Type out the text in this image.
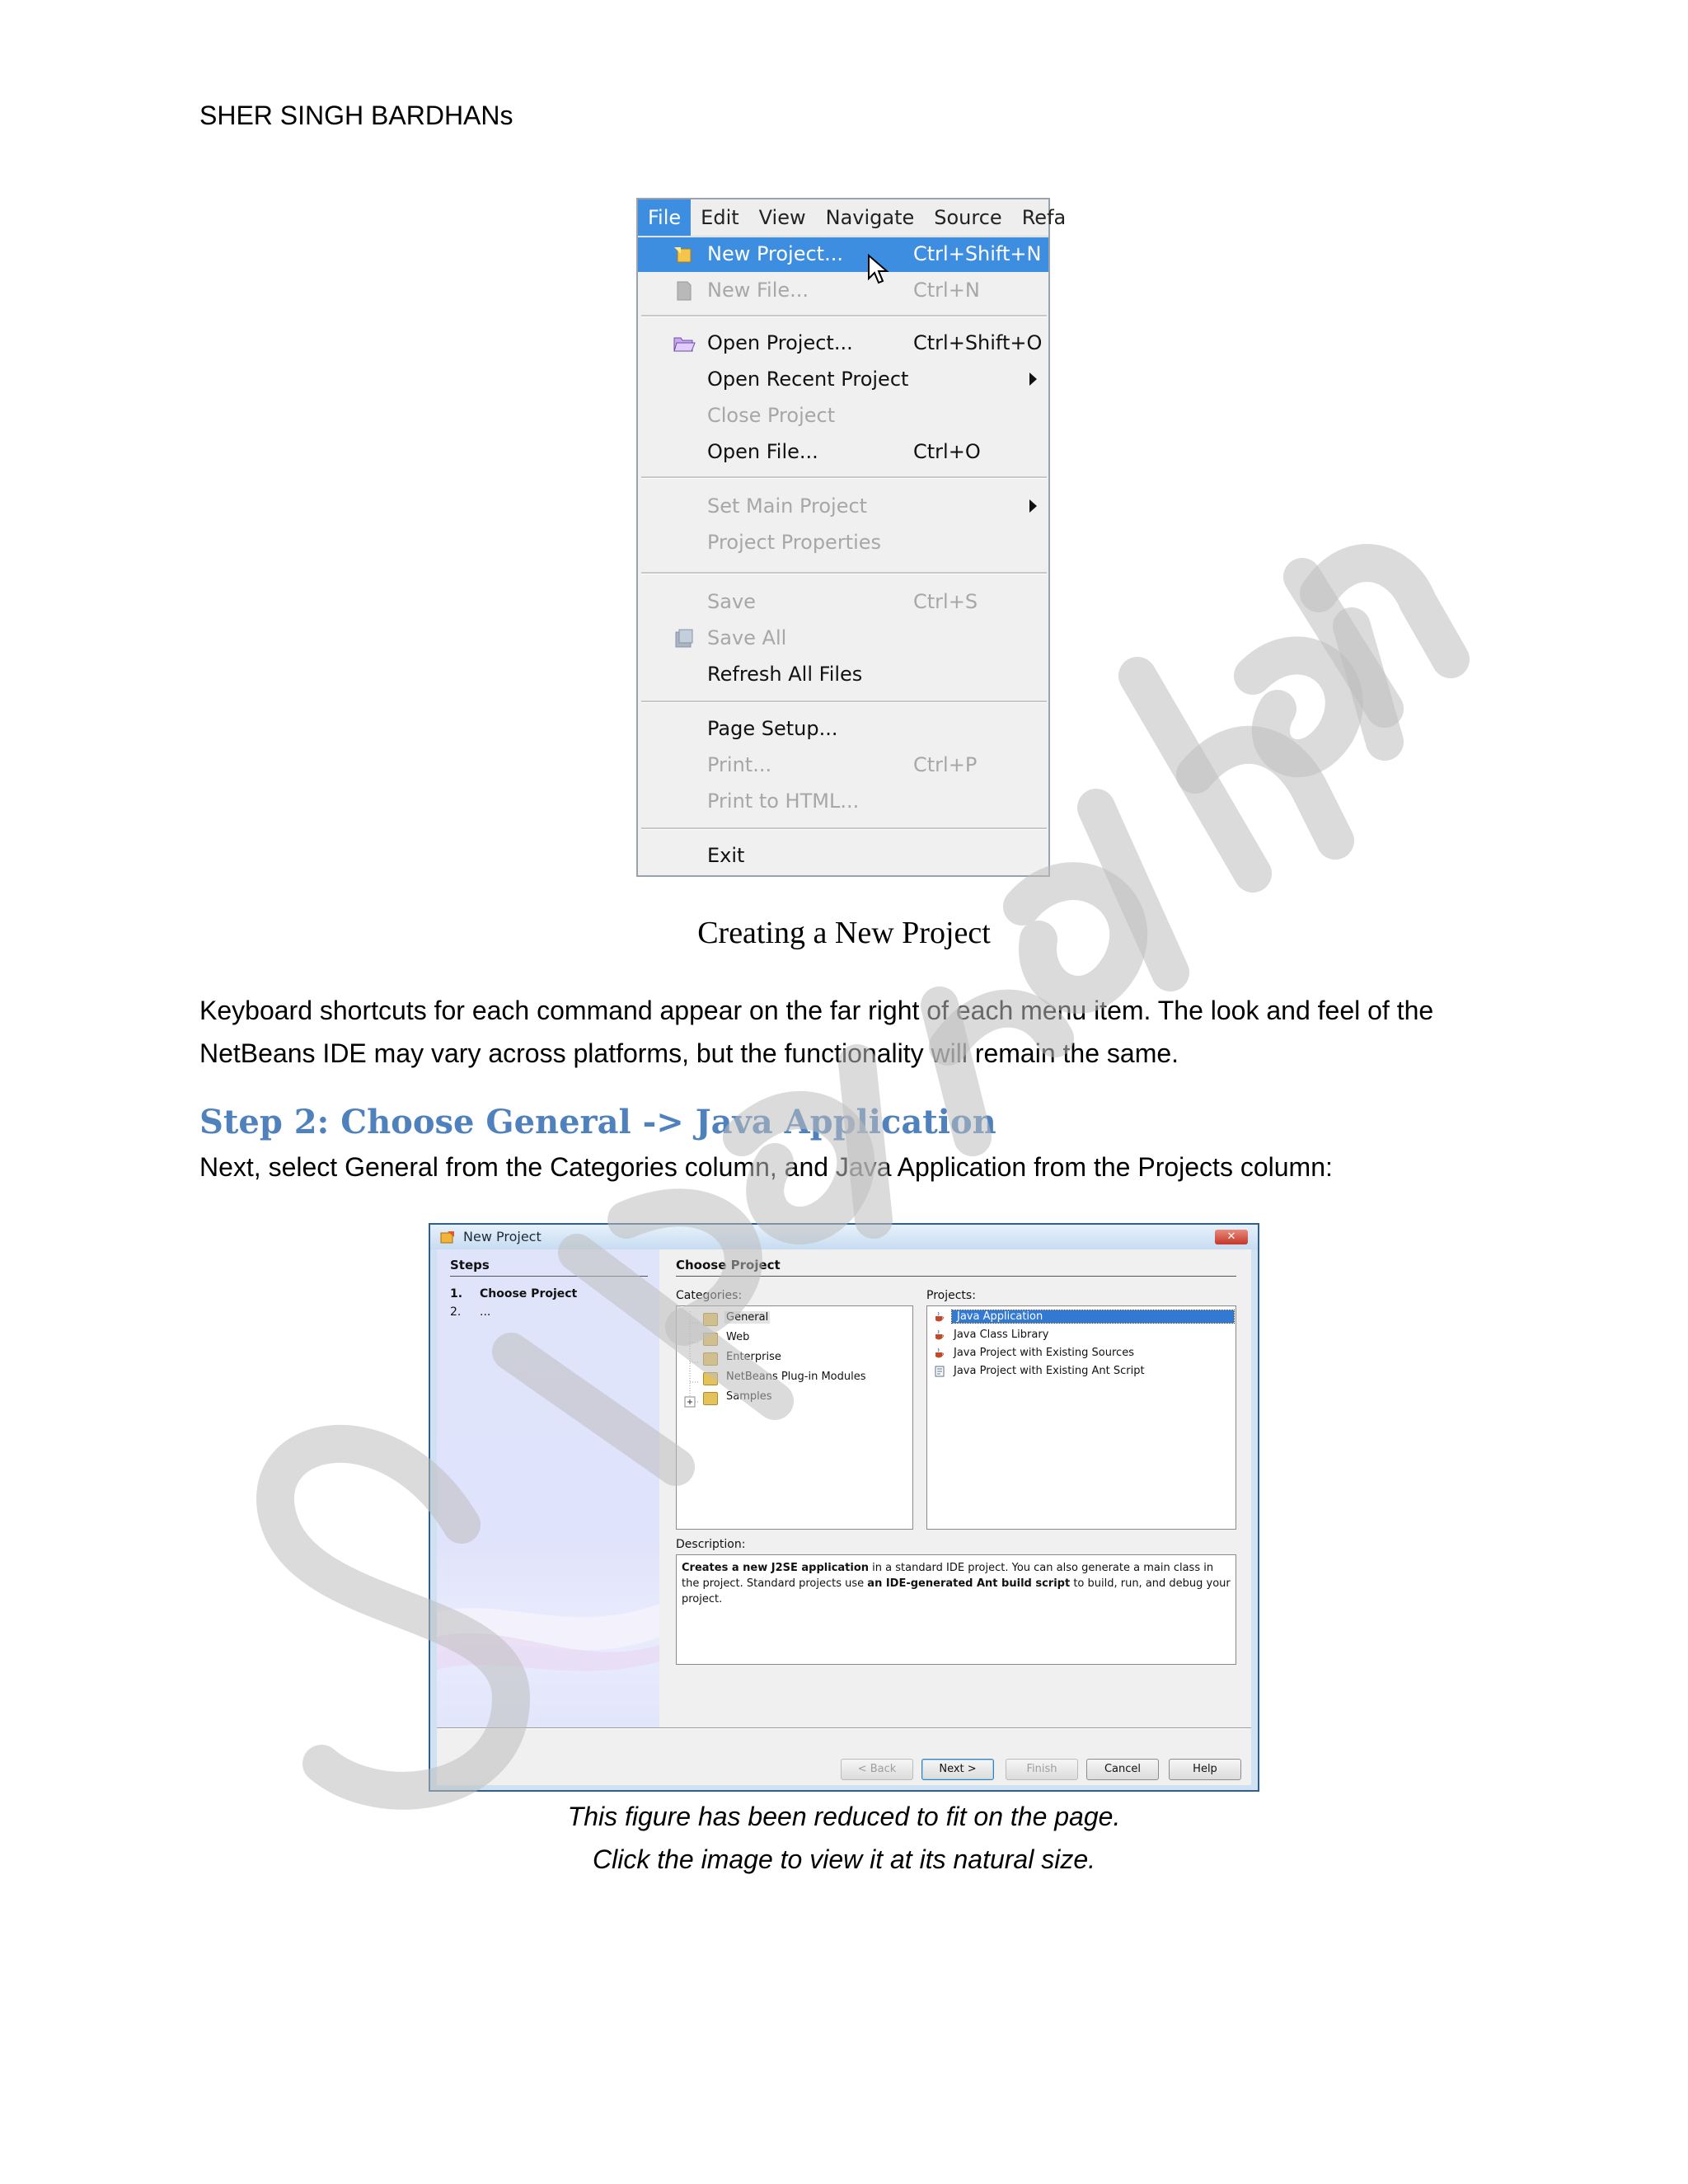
SHER SINGH BARDHANs
File	Edit	View	Navigate	Source	Refa
New Project...	Ctrl+Shift+N
New File...	Ctrl+N
Open Project...	Ctrl+Shift+O
Open Recent Project
Close Project
Open File...	Ctrl+O
Set Main Project
Project Properties
Save	Ctrl+S
Save All
Refresh All Files
Page Setup...
Print...	Ctrl+P
Print to HTML...
Exit
Creating a New Project
Keyboard shortcuts for each command appear on the far right of each menu item. The look and feel of the NetBeans IDE may vary across platforms, but the functionality will remain the same.
Step 2: Choose General -> Java Application
Next, select General from the Categories column, and Java Application from the Projects column:
New Project	✕
Steps
1. Choose Project
2. ...
Choose Project
Categories:
General
Web
Enterprise
NetBeans Plug-in Modules
Samples
Projects:
Java Application
Java Class Library
Java Project with Existing Sources
Java Project with Existing Ant Script
Description:
Creates a new J2SE application in a standard IDE project. You can also generate a main class in the project. Standard projects use an IDE-generated Ant build script to build, run, and debug your project.
< Back	Next >	Finish	Cancel	Help
This figure has been reduced to fit on the page.
Click the image to view it at its natural size.
